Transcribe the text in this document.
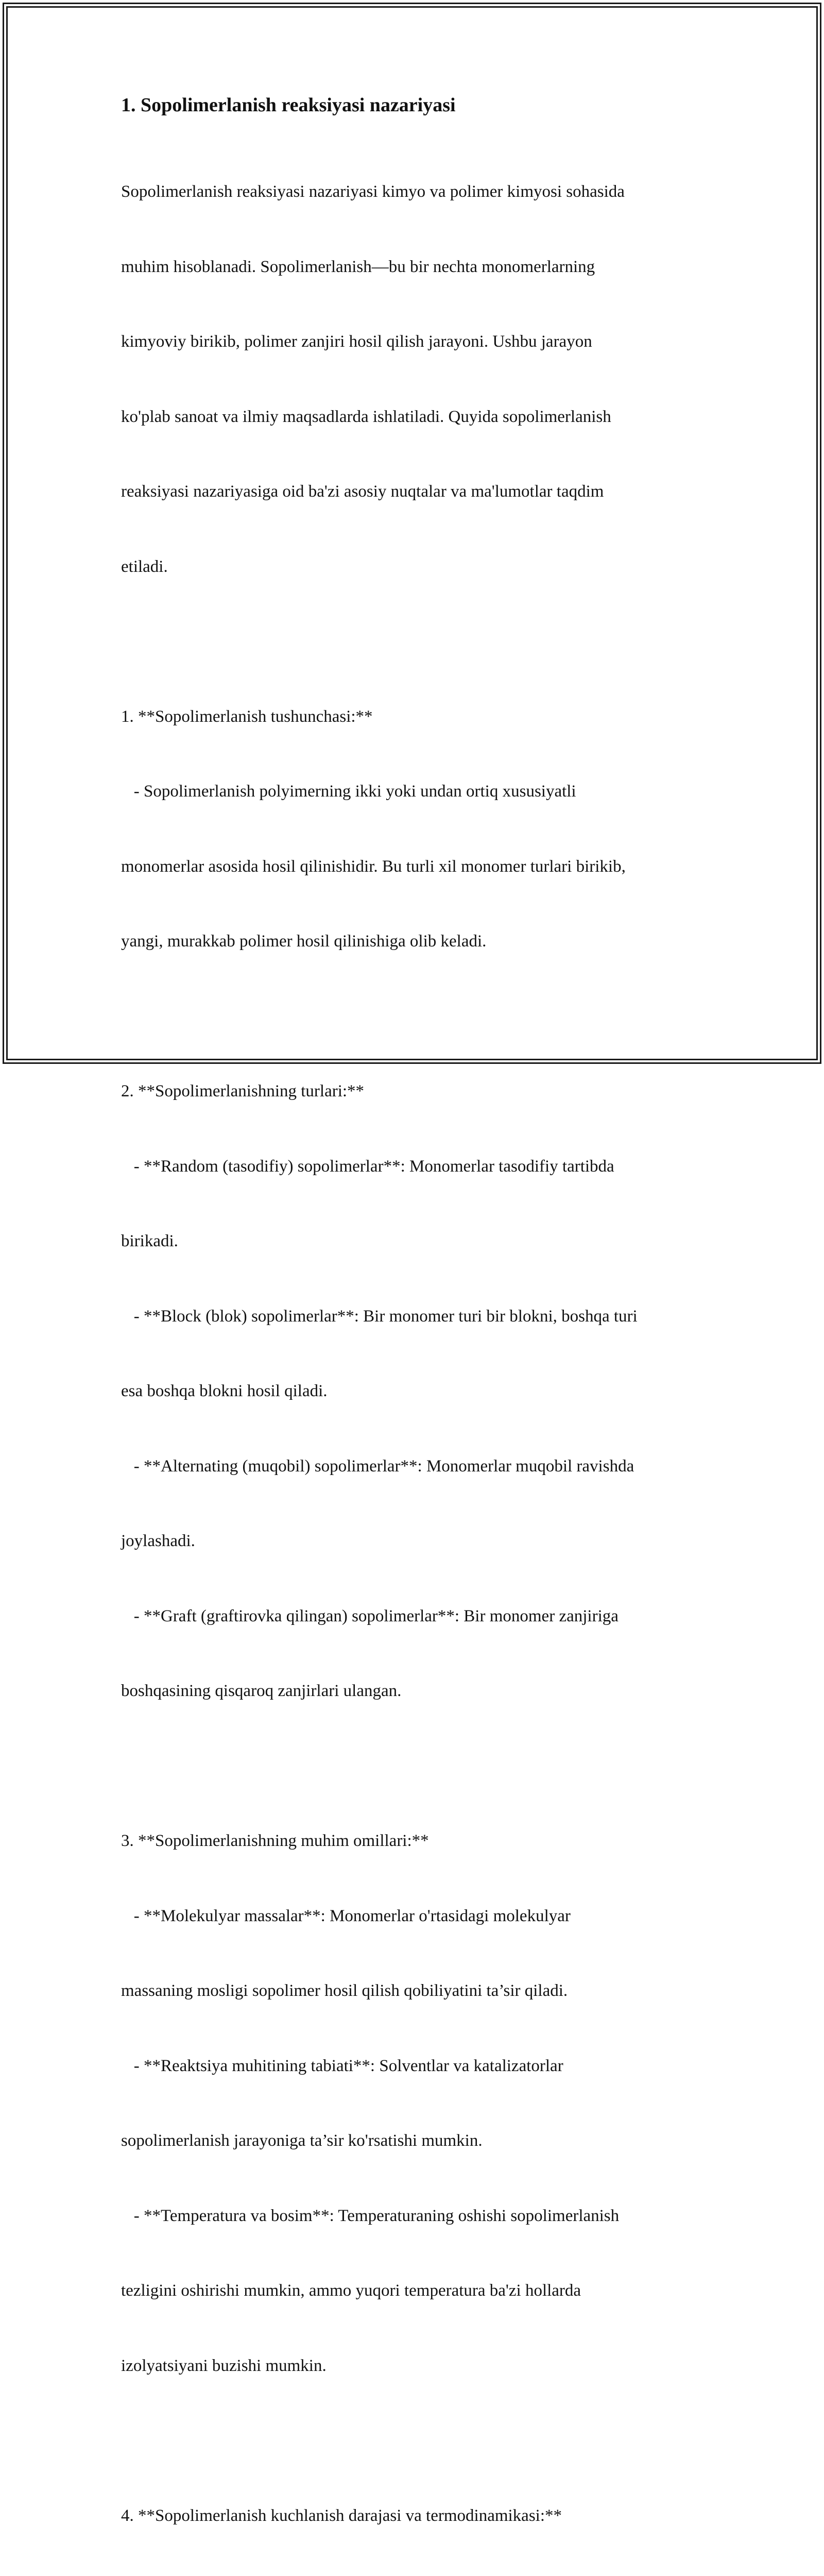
1. Sopolimerlanish reaksiyasi nazariyasi

Sopolimerlanish reaksiyasi nazariyasi kimyo va polimer kimyosi sohasida

muhim hisoblanadi. Sopolimerlanish—bu bir nechta monomerlarning

kimyoviy birikib, polimer zanjiri hosil qilish jarayoni. Ushbu jarayon

ko'plab sanoat va ilmiy maqsadlarda ishlatiladi. Quyida sopolimerlanish

reaksiyasi nazariyasiga oid ba'zi asosiy nuqtalar va ma'lumotlar taqdim

etiladi.

1. **Sopolimerlanish tushunchasi:**

- Sopolimerlanish polyimerning ikki yoki undan ortiq xususiyatli

monomerlar asosida hosil qilinishidir. Bu turli xil monomer turlari birikib,

yangi, murakkab polimer hosil qilinishiga olib keladi.

2. **Sopolimerlanishning turlari:**

- **Random (tasodifiy) sopolimerlar**: Monomerlar tasodifiy tartibda

birikadi.

- **Block (blok) sopolimerlar**: Bir monomer turi bir blokni, boshqa turi

esa boshqa blokni hosil qiladi.

- **Alternating (muqobil) sopolimerlar**: Monomerlar muqobil ravishda

joylashadi.

- **Graft (graftirovka qilingan) sopolimerlar**: Bir monomer zanjiriga

boshqasining qisqaroq zanjirlari ulangan.

3. **Sopolimerlanishning muhim omillari:**

- **Molekulyar massalar**: Monomerlar o'rtasidagi molekulyar

massaning mosligi sopolimer hosil qilish qobiliyatini ta’sir qiladi.

- **Reaktsiya muhitining tabiati**: Solventlar va katalizatorlar

sopolimerlanish jarayoniga ta’sir ko'rsatishi mumkin.

- **Temperatura va bosim**: Temperaturaning oshishi sopolimerlanish

tezligini oshirishi mumkin, ammo yuqori temperatura ba'zi hollarda

izolyatsiyani buzishi mumkin.

4. **Sopolimerlanish kuchlanish darajasi va termodinamikasi:**
